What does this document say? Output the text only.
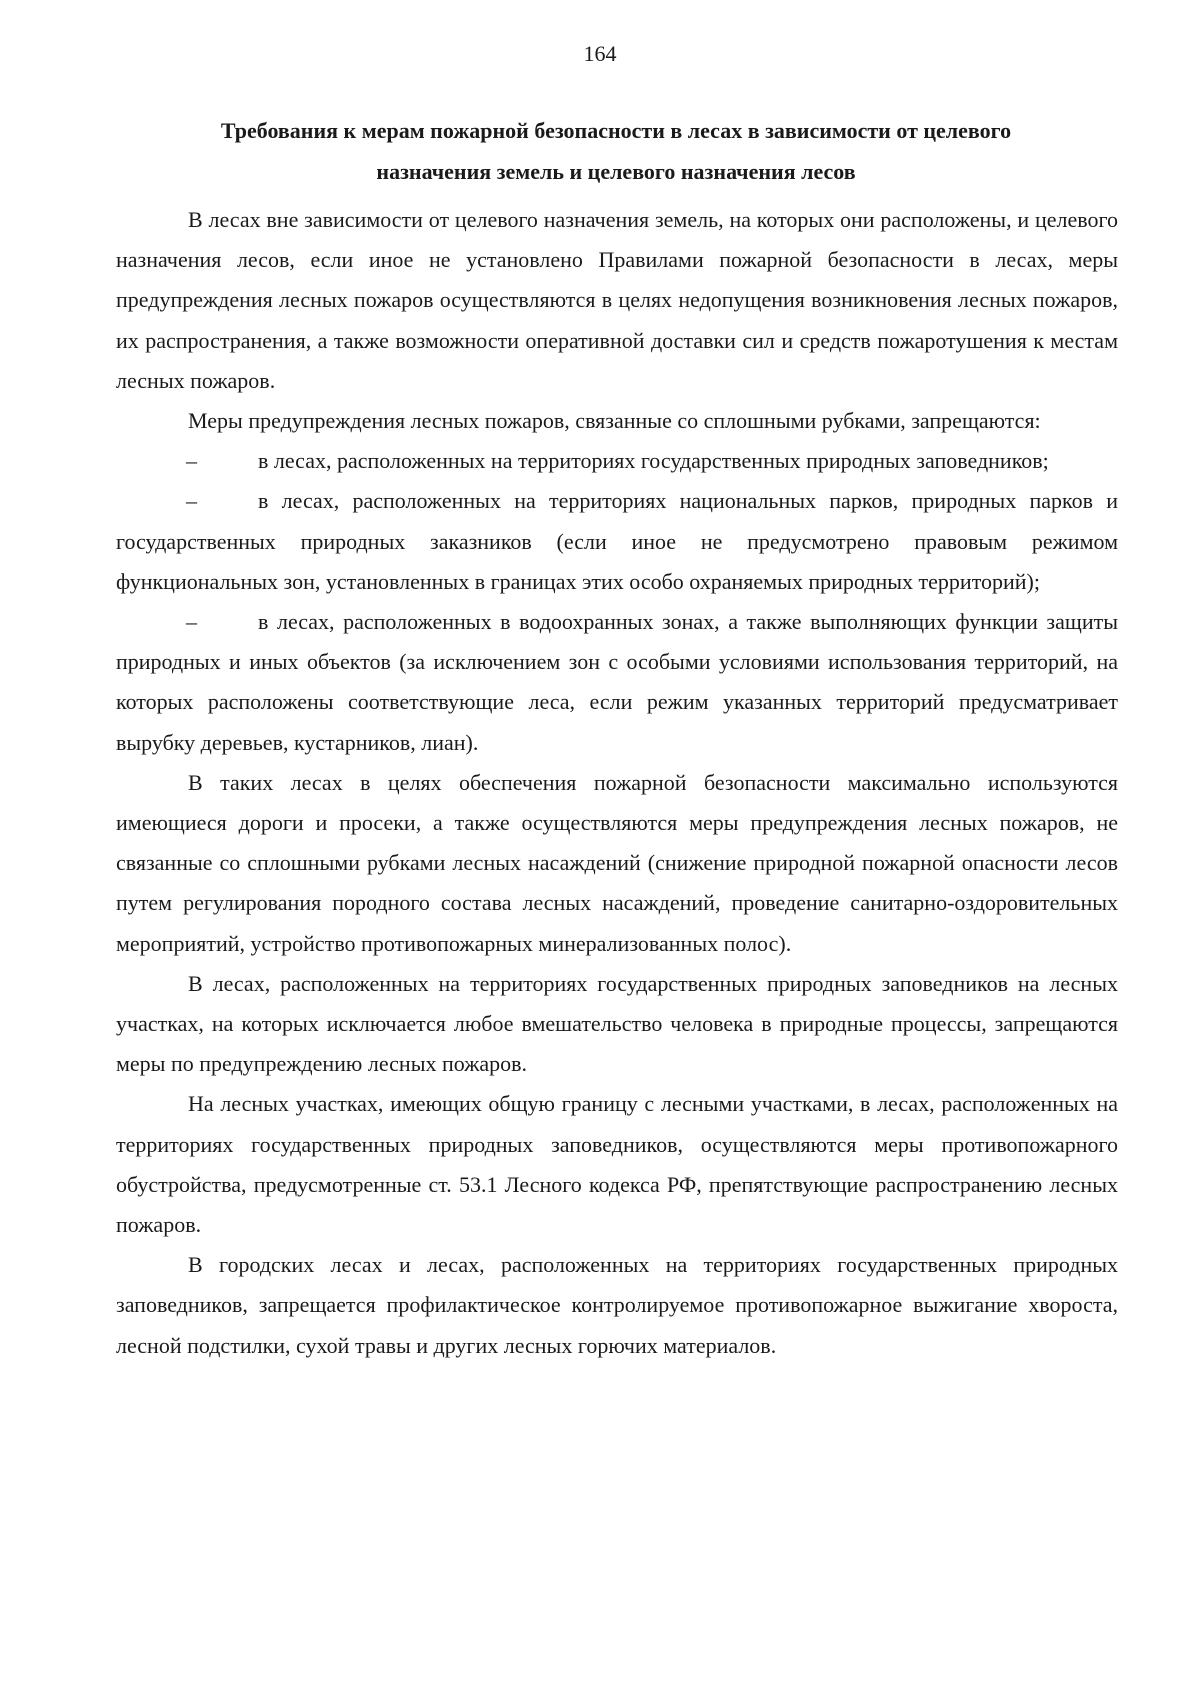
164
Требования к мерам пожарной безопасности в лесах в зависимости от целевого
назначения земель и целевого назначения лесов

В лесах вне зависимости от целевого назначения земель, на которых они расположены, и целевого назначения лесов, если иное не установлено Правилами пожарной безопасности в лесах, меры предупреждения лесных пожаров осуществляются в целях недопущения возникновения лесных пожаров, их распространения, а также возможности оперативной доставки сил и средств пожаротушения к местам лесных пожаров.

Меры предупреждения лесных пожаров, связанные со сплошными рубками, запрещаются:

–	в лесах, расположенных на территориях государственных природных заповедников;

–	в лесах, расположенных на территориях национальных парков, природных парков и государственных природных заказников (если иное не предусмотрено правовым режимом функциональных зон, установленных в границах этих особо охраняемых природных территорий);

–	в лесах, расположенных в водоохранных зонах, а также выполняющих функции защиты природных и иных объектов (за исключением зон с особыми условиями использования территорий, на которых расположены соответствующие леса, если режим указанных территорий предусматривает вырубку деревьев, кустарников, лиан).

В таких лесах в целях обеспечения пожарной безопасности максимально используются имеющиеся дороги и просеки, а также осуществляются меры предупреждения лесных пожаров, не связанные со сплошными рубками лесных насаждений (снижение природной пожарной опасности лесов путем регулирования породного состава лесных насаждений, проведение санитарно-оздоровительных мероприятий, устройство противопожарных минерализованных полос).

В лесах, расположенных на территориях государственных природных заповедников на лесных участках, на которых исключается любое вмешательство человека в природные процессы, запрещаются меры по предупреждению лесных пожаров.

На лесных участках, имеющих общую границу с лесными участками, в лесах, расположенных на территориях государственных природных заповедников, осуществляются меры противопожарного обустройства, предусмотренные ст. 53.1 Лесного кодекса РФ, препятствующие распространению лесных пожаров.

В городских лесах и лесах, расположенных на территориях государственных природных заповедников, запрещается профилактическое контролируемое противопожарное выжигание хвороста, лесной подстилки, сухой травы и других лесных горючих материалов.
